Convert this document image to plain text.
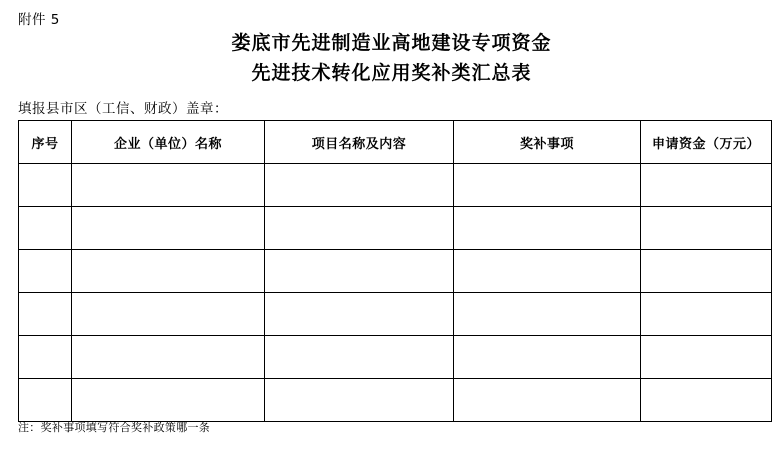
附件 5
娄底市先进制造业高地建设专项资金
先进技术转化应用奖补类汇总表
填报县市区（工信、财政）盖章：
序号	企业（单位）名称	项目名称及内容	奖补事项	申请资金（万元）

注：奖补事项填写符合奖补政策哪一条
